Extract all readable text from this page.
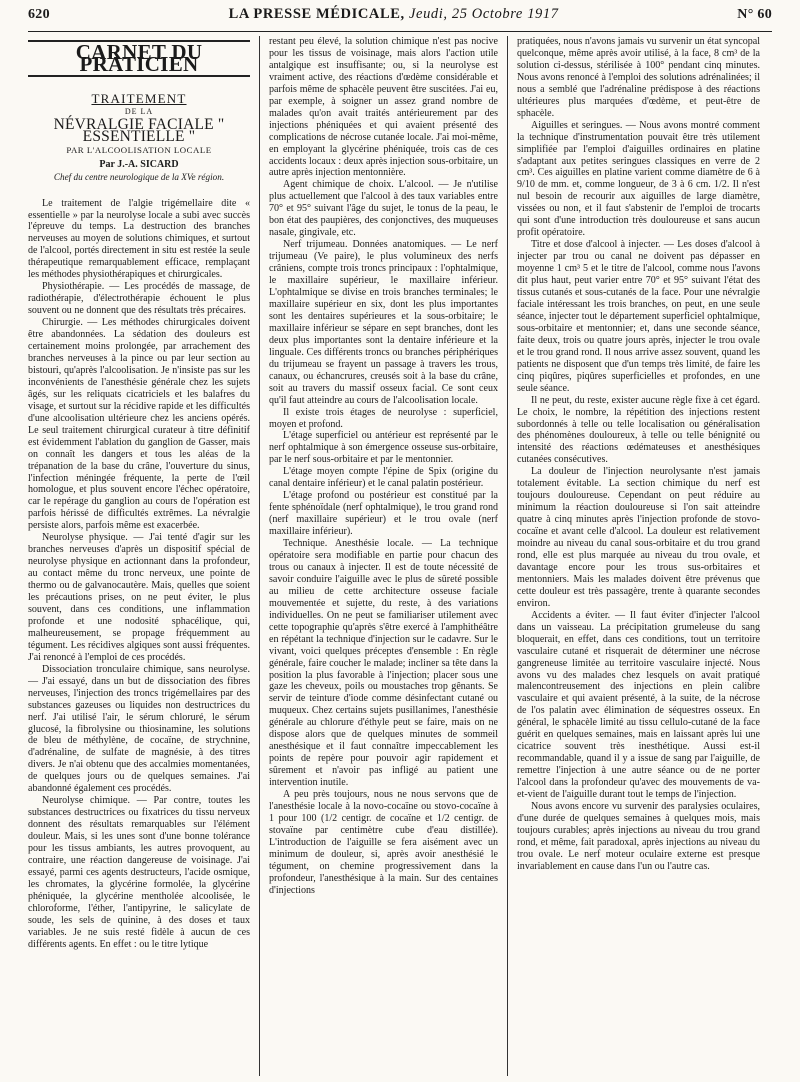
620	LA PRESSE MÉDICALE, Jeudi, 25 Octobre 1917	N° 60
CARNET DU PRATICIEN
TRAITEMENT
DE LA
NÉVRALGIE FACIALE " ESSENTIELLE "
PAR L'ALCOOLISATION LOCALE
Par J.-A. SICARD
Chef du centre neurologique de la XVe région.

Le traitement de l'algie trigémellaire dite « essentielle » par la neurolyse locale a subi avec succès l'épreuve du temps. La destruction des branches nerveuses au moyen de solutions chimiques, et surtout de l'alcool, portés directement in situ est restée la seule thérapeutique remarquablement efficace, remplaçant les méthodes physiothérapiques et chirurgicales.

Physiothérapie. — Les procédés de massage, de radiothérapie, d'électrothérapie échouent le plus souvent ou ne donnent que des résultats très précaires.

Chirurgie. — Les méthodes chirurgicales doivent être abandonnées. La sédation des douleurs est certainement moins prolongée, par arrachement des branches nerveuses à la pince ou par leur section au bistouri, qu'après l'alcoolisation. Je n'insiste pas sur les inconvénients de l'anesthésie générale chez les sujets âgés, sur les reliquats cicatriciels et les balafres du visage, et surtout sur la récidive rapide et les difficultés d'une alcoolisation ultérieure chez les anciens opérés. Le seul traitement chirurgical curateur à titre définitif est évidemment l'ablation du ganglion de Gasser, mais on connaît les dangers et tous les aléas de la trépanation de la base du crâne, l'ouverture du sinus, l'infection méningée fréquente, la perte de l'œil homologue, et plus souvent encore l'échec opératoire, car le repérage du ganglion au cours de l'opération est parfois hérissé de difficultés extrêmes. La névralgie persiste alors, parfois même est exacerbée.

Neurolyse physique. — J'ai tenté d'agir sur les branches nerveuses d'après un dispositif spécial de neurolyse physique en actionnant dans la profondeur, au contact même du tronc nerveux, une pointe de thermo ou de galvanocautère. Mais, quelles que soient les précautions prises, on ne peut éviter, le plus souvent, dans ces conditions, une inflammation profonde et une nodosité sphacélique, qui, malheureusement, se propage fréquemment au tégument. Les récidives algiques sont aussi fréquentes. J'ai renoncé à l'emploi de ces procédés.

Dissociation tronculaire chimique, sans neurolyse. — J'ai essayé, dans un but de dissociation des fibres nerveuses, l'injection des troncs trigémellaires par des substances gazeuses ou liquides non destructrices du nerf. J'ai utilisé l'air, le sérum chloruré, le sérum glucosé, la fibrolysine ou thiosinamine, les solutions de bleu de méthylène, de cocaïne, de strychnine, d'adrénaline, de sulfate de magnésie, à des titres divers. Je n'ai obtenu que des accalmies momentanées, de quelques jours ou de quelques semaines. J'ai abandonné également ces procédés.

Neurolyse chimique. — Par contre, toutes les substances destructrices ou fixatrices du tissu nerveux donnent des résultats remarquables sur l'élément douleur. Mais, si les unes sont d'une bonne tolérance pour les tissus ambiants, les autres provoquent, au contraire, une réaction dangereuse de voisinage. J'ai essayé, parmi ces agents destructeurs, l'acide osmique, les chromates, la glycérine formolée, la glycérine phéniquée, la glycérine mentholée alcoolisée, le chloroforme, l'éther, l'antipyrine, le salicylate de soude, les sels de quinine, à des doses et taux variables. Je ne suis resté fidèle à aucun de ces différents agents. En effet : ou le titre lytique

restant peu élevé, la solution chimique n'est pas nocive pour les tissus de voisinage, mais alors l'action utile antalgique est insuffisante; ou, si la neurolyse est vraiment active, des réactions d'œdème considérable et parfois même de sphacèle peuvent être suscitées. J'ai eu, par exemple, à soigner un assez grand nombre de malades qu'on avait traités antérieurement par des injections phéniquées et qui avaient présenté des complications de nécrose cutanée locale. J'ai moi-même, en employant la glycérine phéniquée, trois cas de ces accidents locaux : deux après injection sous-orbitaire, un autre après injection mentonnière.

Agent chimique de choix. L'alcool. — Je n'utilise plus actuellement que l'alcool à des taux variables entre 70° et 95° suivant l'âge du sujet, le tonus de la peau, le bon état des paupières, des conjonctives, des muqueuses nasale, gingivale, etc.

Nerf trijumeau. Données anatomiques. — Le nerf trijumeau (Ve paire), le plus volumineux des nerfs crâniens, compte trois troncs principaux : l'ophtalmique, le maxillaire supérieur, le maxillaire inférieur. L'ophtalmique se divise en trois branches terminales; le maxillaire supérieur en six, dont les plus importantes sont les dentaires supérieures et la sous-orbitaire; le maxillaire inférieur se sépare en sept branches, dont les deux plus importantes sont la dentaire inférieure et la linguale. Ces différents troncs ou branches périphériques du trijumeau se frayent un passage à travers les trous, canaux, ou échancrures, creusés soit à la base du crâne, soit au travers du massif osseux facial. Ce sont ceux qu'il faut atteindre au cours de l'alcoolisation locale.

Il existe trois étages de neurolyse : superficiel, moyen et profond.

L'étage superficiel ou antérieur est représenté par le nerf ophtalmique à son émergence osseuse sus-orbitaire, par le nerf sous-orbitaire et par le mentonnier.

L'étage moyen compte l'épine de Spix (origine du canal dentaire inférieur) et le canal palatin postérieur.

L'étage profond ou postérieur est constitué par la fente sphénoïdale (nerf ophtalmique), le trou grand rond (nerf maxillaire supérieur) et le trou ovale (nerf maxillaire inférieur).

Technique. Anesthésie locale. — La technique opératoire sera modifiable en partie pour chacun des trous ou canaux à injecter. Il est de toute nécessité de savoir conduire l'aiguille avec le plus de sûreté possible au milieu de cette architecture osseuse faciale mouvementée et sujette, du reste, à des variations individuelles. On ne peut se familiariser utilement avec cette topographie qu'après s'être exercé à l'amphithéâtre en répétant la technique d'injection sur le cadavre. Sur le vivant, voici quelques préceptes d'ensemble : En règle générale, faire coucher le malade; incliner sa tête dans la position la plus favorable à l'injection; placer sous une gaze les cheveux, poils ou moustaches trop gênants. Se servir de teinture d'iode comme désinfectant cutané ou muqueux. Chez certains sujets pusillanimes, l'anesthésie générale au chlorure d'éthyle peut se faire, mais on ne dispose alors que de quelques minutes de sommeil anesthésique et il faut connaître impeccablement les points de repère pour pouvoir agir rapidement et sûrement et n'avoir pas infligé au patient une intervention inutile.

A peu près toujours, nous ne nous servons que de l'anesthésie locale à la novo-cocaïne ou stovo-cocaïne à 1 pour 100 (1/2 centigr. de cocaïne et 1/2 centigr. de stovaïne par centimètre cube d'eau distillée). L'introduction de l'aiguille se fera aisément avec un minimum de douleur, si, après avoir anesthésié le tégument, on chemine progressivement dans la profondeur, l'anesthésique à la main. Sur des centaines d'injections

pratiquées, nous n'avons jamais vu survenir un état syncopal quelconque, même après avoir utilisé, à la face, 8 cm³ de la solution ci-dessus, stérilisée à 100° pendant cinq minutes. Nous avons renoncé à l'emploi des solutions adrénalinées; il nous a semblé que l'adrénaline prédispose à des réactions ultérieures plus marquées d'œdème, et peut-être de sphacèle.

Aiguilles et seringues. — Nous avons montré comment la technique d'instrumentation pouvait être très utilement simplifiée par l'emploi d'aiguilles ordinaires en platine s'adaptant aux petites seringues classiques en verre de 2 cm³. Ces aiguilles en platine varient comme diamètre de 6 à 9/10 de mm. et, comme longueur, de 3 à 6 cm. 1/2. Il n'est nul besoin de recourir aux aiguilles de large diamètre, vissées ou non, et il faut s'abstenir de l'emploi de trocarts qui sont d'une introduction très douloureuse et sans aucun profit opératoire.

Titre et dose d'alcool à injecter. — Les doses d'alcool à injecter par trou ou canal ne doivent pas dépasser en moyenne 1 cm³ 5 et le titre de l'alcool, comme nous l'avons dit plus haut, peut varier entre 70° et 95° suivant l'état des tissus cutanés et sous-cutanés de la face. Pour une névralgie faciale intéressant les trois branches, on peut, en une seule séance, injecter tout le département superficiel ophtalmique, sous-orbitaire et mentonnier; et, dans une seconde séance, faite deux, trois ou quatre jours après, injecter le trou ovale et le trou grand rond. Il nous arrive assez souvent, quand les patients ne disposent que d'un temps très limité, de faire les cinq piqûres, piqûres superficielles et profondes, en une seule séance.

Il ne peut, du reste, exister aucune règle fixe à cet égard. Le choix, le nombre, la répétition des injections restent subordonnés à telle ou telle localisation ou généralisation des phénomènes douloureux, à telle ou telle bénignité ou intensité des réactions œdémateuses et anesthésiques cutanées consécutives.

La douleur de l'injection neurolysante n'est jamais totalement évitable. La section chimique du nerf est toujours douloureuse. Cependant on peut réduire au minimum la réaction douloureuse si l'on sait atteindre quatre à cinq minutes après l'injection profonde de stovo-cocaïne et avant celle d'alcool. La douleur est relativement moindre au niveau du canal sous-orbitaire et du trou grand rond, elle est plus marquée au niveau du trou ovale, et davantage encore pour les trous sus-orbitaires et mentonniers. Mais les malades doivent être prévenus que cette douleur est très passagère, trente à quarante secondes environ.

Accidents a éviter. — Il faut éviter d'injecter l'alcool dans un vaisseau. La précipitation grumeleuse du sang bloquerait, en effet, dans ces conditions, tout un territoire vasculaire cutané et risquerait de déterminer une nécrose gangreneuse limitée au territoire vasculaire injecté. Nous avons vu des malades chez lesquels on avait pratiqué malencontreusement des injections en plein calibre vasculaire et qui avaient présenté, à la suite, de la nécrose de l'os palatin avec élimination de séquestres osseux. En général, le sphacèle limité au tissu cellulo-cutané de la face guérit en quelques semaines, mais en laissant après lui une cicatrice souvent très inesthétique. Aussi est-il recommandable, quand il y a issue de sang par l'aiguille, de remettre l'injection à une autre séance ou de ne porter l'alcool dans la profondeur qu'avec des mouvements de va-et-vient de l'aiguille durant tout le temps de l'injection.

Nous avons encore vu survenir des paralysies oculaires, d'une durée de quelques semaines à quelques mois, mais toujours curables; après injections au niveau du trou grand rond, et même, fait paradoxal, après injections au niveau du trou ovale. Le nerf moteur oculaire externe est presque invariablement en cause dans l'un ou l'autre cas.
